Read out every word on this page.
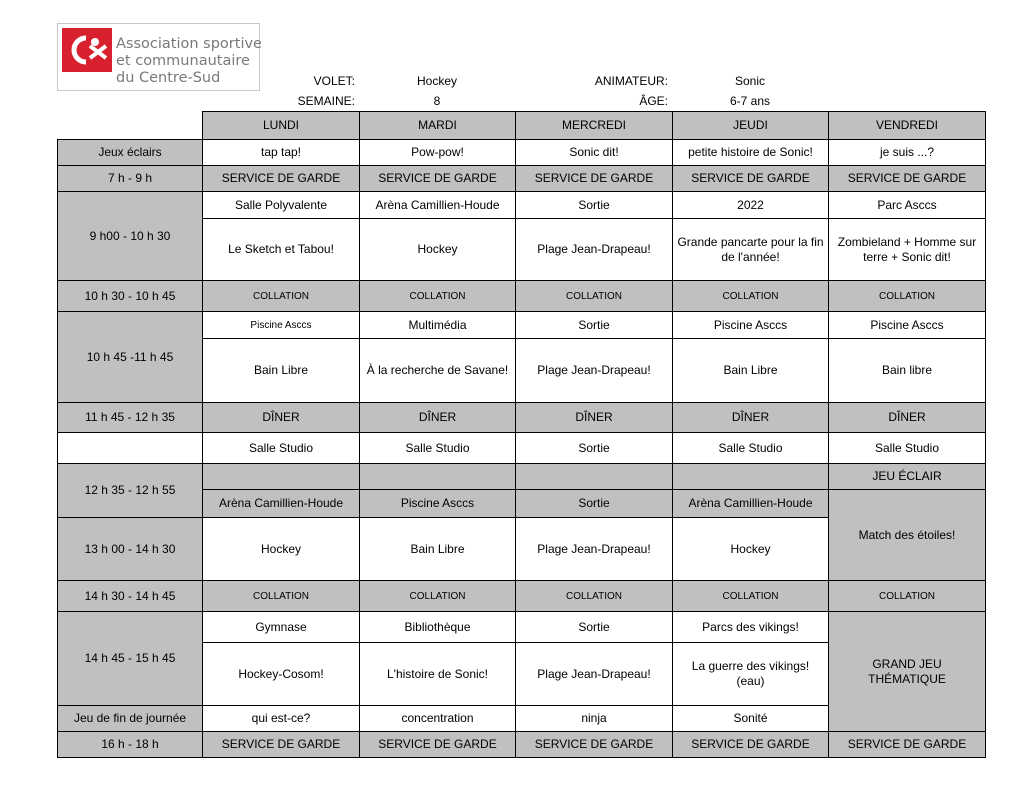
Association sportive
et communautaire
du Centre-Sud	VOLET:	Hockey	ANIMATEUR:	Sonic
SEMAINE:	8	ÂGE:	6-7 ans
	LUNDI	MARDI	MERCREDI	JEUDI	VENDREDI
Jeux éclairs	tap tap!	Pow-pow!	Sonic dit!	petite histoire de Sonic!	je suis ...?
7 h - 9 h	SERVICE DE GARDE	SERVICE DE GARDE	SERVICE DE GARDE	SERVICE DE GARDE	SERVICE DE GARDE
9 h00 - 10 h 30	Salle Polyvalente	Arèna Camillien-Houde	Sortie	2022	Parc Asccs
	Le Sketch et Tabou!	Hockey	Plage Jean-Drapeau!	Grande pancarte pour la fin de l'année!	Zombieland + Homme sur terre + Sonic dit!
10 h 30 - 10 h 45	COLLATION	COLLATION	COLLATION	COLLATION	COLLATION
10 h 45 -11 h 45	Piscine Asccs	Multimédia	Sortie	Piscine Asccs	Piscine Asccs
	Bain Libre	À la recherche de Savane!	Plage Jean-Drapeau!	Bain Libre	Bain libre
11 h 45 - 12 h 35	DÎNER	DÎNER	DÎNER	DÎNER	DÎNER
	Salle Studio	Salle Studio	Sortie	Salle Studio	Salle Studio
12 h 35 - 12 h 55					JEU ÉCLAIR
	Arèna Camillien-Houde	Piscine Asccs	Sortie	Arèna Camillien-Houde	Match des étoiles!
13 h 00 - 14 h 30	Hockey	Bain Libre	Plage Jean-Drapeau!	Hockey	
14 h 30 - 14 h 45	COLLATION	COLLATION	COLLATION	COLLATION	COLLATION
14 h 45 - 15 h 45	Gymnase	Bibliothèque	Sortie	Parcs des vikings!	GRAND JEU THÉMATIQUE
	Hockey-Cosom!	L'histoire de Sonic!	Plage Jean-Drapeau!	La guerre des vikings! (eau)	
Jeu de fin de journée	qui est-ce?	concentration	ninja	Sonité	
16 h - 18 h	SERVICE DE GARDE	SERVICE DE GARDE	SERVICE DE GARDE	SERVICE DE GARDE	SERVICE DE GARDE
